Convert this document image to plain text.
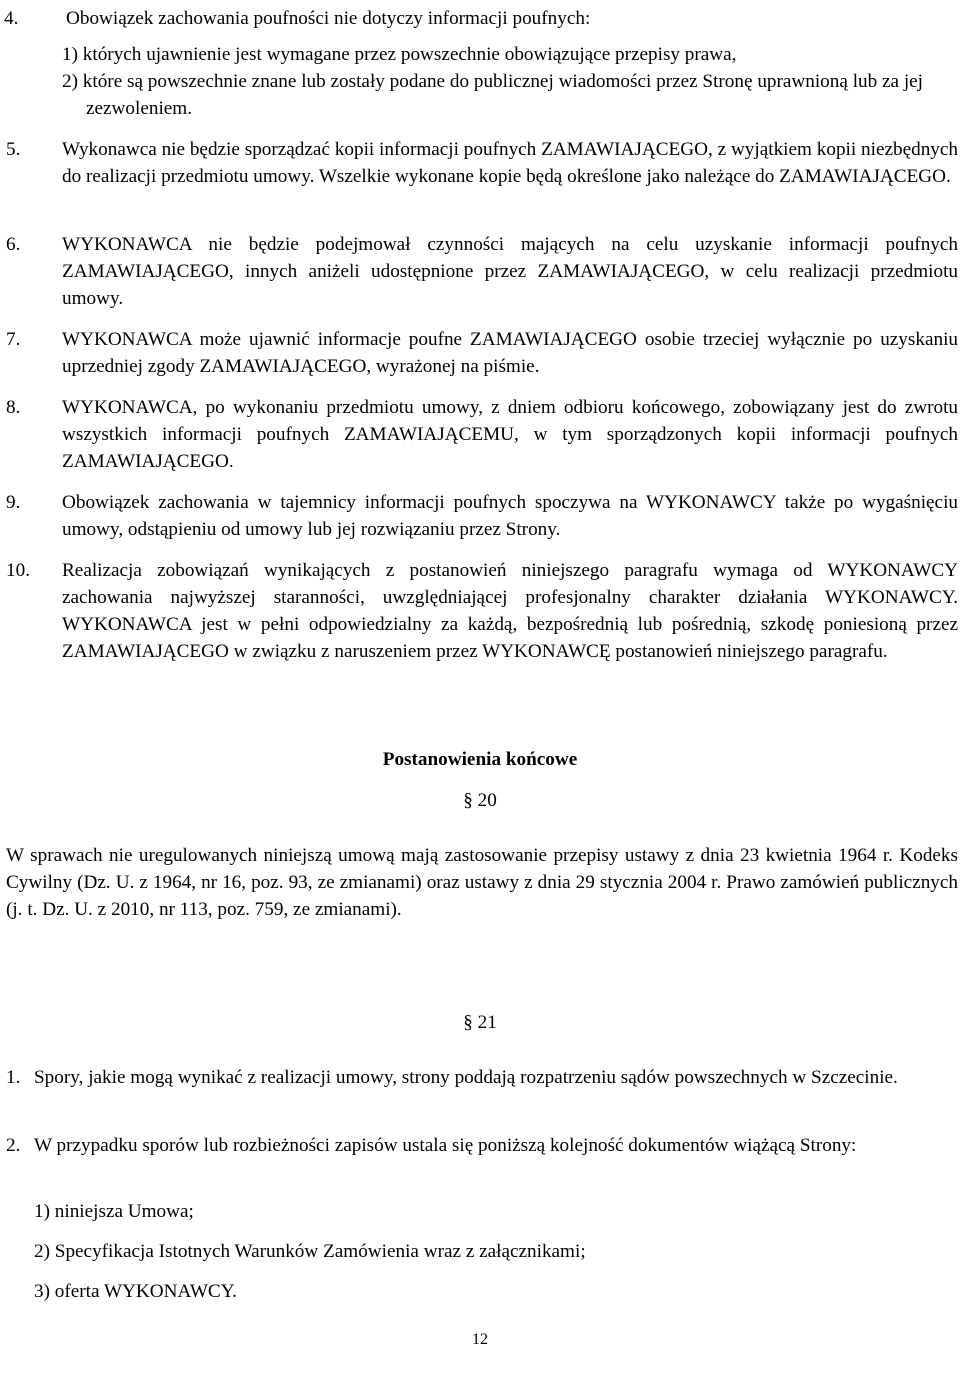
4. Obowiązek zachowania poufności nie dotyczy informacji poufnych:
1) których ujawnienie jest wymagane przez powszechnie obowiązujące przepisy prawa,
2) które są powszechnie znane lub zostały podane do publicznej wiadomości przez Stronę uprawnioną lub za jej zezwoleniem.
5. Wykonawca nie będzie sporządzać kopii informacji poufnych ZAMAWIAJĄCEGO, z wyjątkiem kopii niezbędnych do realizacji przedmiotu umowy. Wszelkie wykonane kopie będą określone jako należące do ZAMAWIAJĄCEGO.
6. WYKONAWCA nie będzie podejmował czynności mających na celu uzyskanie informacji poufnych ZAMAWIAJĄCEGO, innych aniżeli udostępnione przez ZAMAWIAJĄCEGO, w celu realizacji przedmiotu umowy.
7. WYKONAWCA może ujawnić informacje poufne ZAMAWIAJĄCEGO osobie trzeciej wyłącznie po uzyskaniu uprzedniej zgody ZAMAWIAJĄCEGO, wyrażonej na piśmie.
8. WYKONAWCA, po wykonaniu przedmiotu umowy, z dniem odbioru końcowego, zobowiązany jest do zwrotu wszystkich informacji poufnych ZAMAWIAJĄCEMU, w tym sporządzonych kopii informacji poufnych ZAMAWIAJĄCEGO.
9. Obowiązek zachowania w tajemnicy informacji poufnych spoczywa na WYKONAWCY także po wygaśnięciu umowy, odstąpieniu od umowy lub jej rozwiązaniu przez Strony.
10. Realizacja zobowiązań wynikających z postanowień niniejszego paragrafu wymaga od WYKONAWCY zachowania najwyższej staranności, uwzględniającej profesjonalny charakter działania WYKONAWCY. WYKONAWCA jest w pełni odpowiedzialny za każdą, bezpośrednią lub pośrednią, szkodę poniesioną przez ZAMAWIAJĄCEGO w związku z naruszeniem przez WYKONAWCĘ postanowień niniejszego paragrafu.
Postanowienia końcowe
§ 20
W sprawach nie uregulowanych niniejszą umową mają zastosowanie przepisy ustawy z dnia 23 kwietnia 1964 r. Kodeks Cywilny (Dz. U. z 1964, nr 16, poz. 93, ze zmianami) oraz ustawy z dnia 29 stycznia 2004 r. Prawo zamówień publicznych (j. t. Dz. U. z 2010, nr 113, poz. 759, ze zmianami).
§ 21
1. Spory, jakie mogą wynikać z realizacji umowy, strony poddają rozpatrzeniu sądów powszechnych w Szczecinie.
2. W przypadku sporów lub rozbieżności zapisów ustala się poniższą kolejność dokumentów wiążącą Strony:
1) niniejsza Umowa;
2) Specyfikacja Istotnych Warunków Zamówienia wraz z załącznikami;
3) oferta WYKONAWCY.
12
